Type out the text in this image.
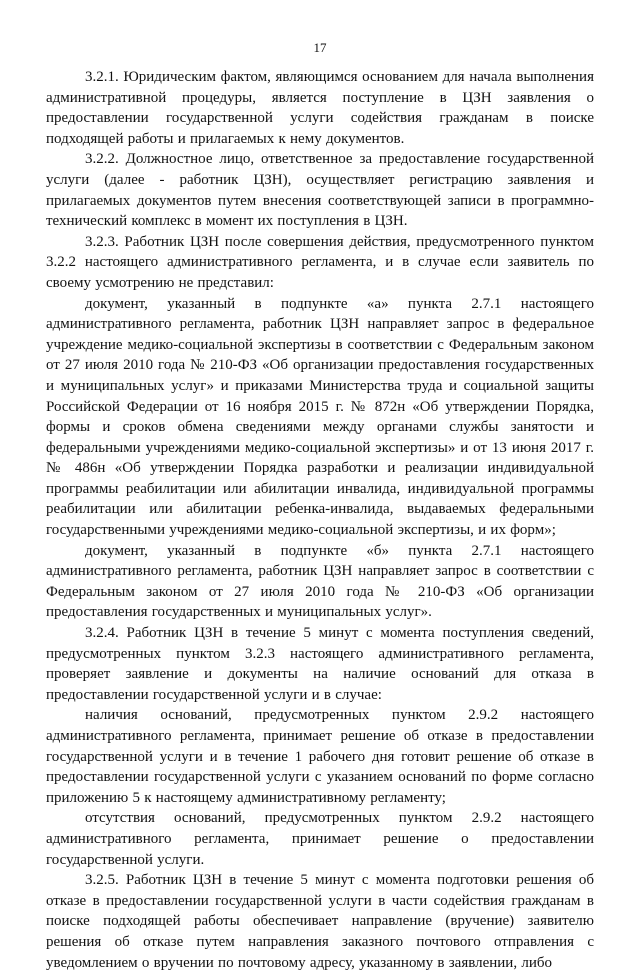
17

3.2.1. Юридическим фактом, являющимся основанием для начала выполнения административной процедуры, является поступление в ЦЗН заявления о предоставлении государственной услуги содействия гражданам в поиске подходящей работы и прилагаемых к нему документов.

3.2.2. Должностное лицо, ответственное за предоставление государственной услуги (далее - работник ЦЗН), осуществляет регистрацию заявления и прилагаемых документов путем внесения соответствующей записи в программно-технический комплекс в момент их поступления в ЦЗН.

3.2.3. Работник ЦЗН после совершения действия, предусмотренного пунктом 3.2.2 настоящего административного регламента, и в случае если заявитель по своему усмотрению не представил:

документ, указанный в подпункте «а» пункта 2.7.1 настоящего административного регламента, работник ЦЗН направляет запрос в федеральное учреждение медико-социальной экспертизы в соответствии с Федеральным законом от 27 июля 2010 года № 210-ФЗ «Об организации предоставления государственных и муниципальных услуг» и приказами Министерства труда и социальной защиты Российской Федерации от 16 ноября 2015 г. № 872н «Об утверждении Порядка, формы и сроков обмена сведениями между органами службы занятости и федеральными учреждениями медико-социальной экспертизы» и от 13 июня 2017 г. № 486н «Об утверждении Порядка разработки и реализации индивидуальной программы реабилитации или абилитации инвалида, индивидуальной программы реабилитации или абилитации ребенка-инвалида, выдаваемых федеральными государственными учреждениями медико-социальной экспертизы, и их форм»;

документ, указанный в подпункте «б» пункта 2.7.1 настоящего административного регламента, работник ЦЗН направляет запрос в соответствии с Федеральным законом от 27 июля 2010 года № 210-ФЗ «Об организации предоставления государственных и муниципальных услуг».

3.2.4. Работник ЦЗН в течение 5 минут с момента поступления сведений, предусмотренных пунктом 3.2.3 настоящего административного регламента, проверяет заявление и документы на наличие оснований для отказа в предоставлении государственной услуги и в случае:

наличия оснований, предусмотренных пунктом 2.9.2 настоящего административного регламента, принимает решение об отказе в предоставлении государственной услуги и в течение 1 рабочего дня готовит решение об отказе в предоставлении государственной услуги с указанием оснований по форме согласно приложению 5 к настоящему административному регламенту;

отсутствия оснований, предусмотренных пунктом 2.9.2 настоящего административного регламента, принимает решение о предоставлении государственной услуги.

3.2.5. Работник ЦЗН в течение 5 минут с момента подготовки решения об отказе в предоставлении государственной услуги в части содействия гражданам в поиске подходящей работы обеспечивает направление (вручение) заявителю решения об отказе путем направления заказного почтового отправления с уведомлением о вручении по почтовому адресу, указанному в заявлении, либо
